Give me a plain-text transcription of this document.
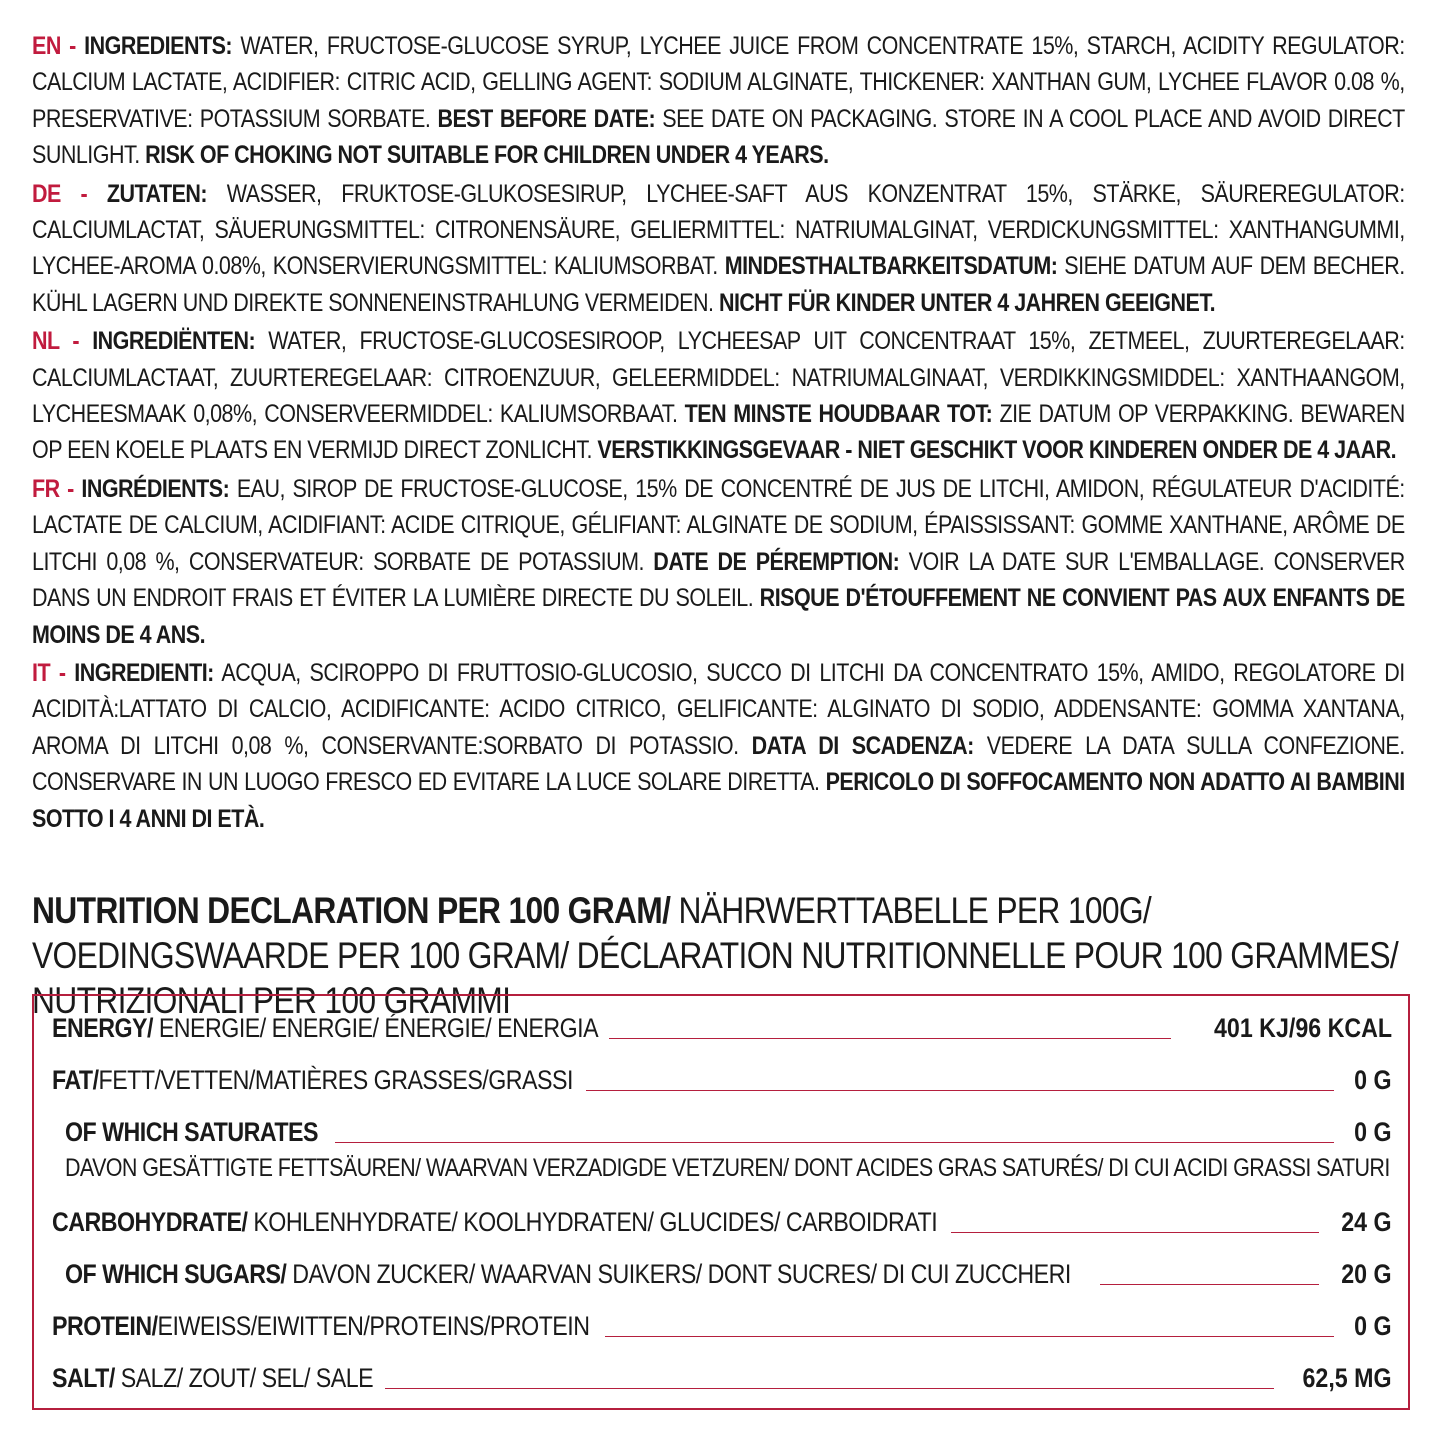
EN - INGREDIENTS: WATER, FRUCTOSE-GLUCOSE SYRUP, LYCHEE JUICE FROM CONCENTRATE 15%, STARCH, ACIDITY REGULATOR: CALCIUM LACTATE, ACIDIFIER: CITRIC ACID, GELLING AGENT: SODIUM ALGINATE, THICKENER: XANTHAN GUM, LYCHEE FLAVOR 0.08 %, PRESERVATIVE: POTASSIUM SORBATE. BEST BEFORE DATE: SEE DATE ON PACKAGING. STORE IN A COOL PLACE AND AVOID DIRECT SUNLIGHT. RISK OF CHOKING NOT SUITABLE FOR CHILDREN UNDER 4 YEARS.

DE - ZUTATEN: WASSER, FRUKTOSE-GLUKOSESIRUP, LYCHEE-SAFT AUS KONZENTRAT 15%, STÄRKE, SÄUREREGULATOR: CALCIUMLACTAT, SÄUERUNGSMITTEL: CITRONENSÄURE, GELIERMITTEL: NATRIUMALGINAT, VERDICKUNGSMITTEL: XANTHANGUMMI, LYCHEE-AROMA 0.08%, KONSERVIERUNGSMITTEL: KALIUMSORBAT. MINDESTHALTBARKEITSDATUM: SIEHE DATUM AUF DEM BECHER. KÜHL LAGERN UND DIREKTE SONNENEINSTRAHLUNG VERMEIDEN. NICHT FÜR KINDER UNTER 4 JAHREN GEEIGNET.

NL - INGREDIËNTEN: WATER, FRUCTOSE-GLUCOSESIROOP, LYCHEESAP UIT CONCENTRAAT 15%, ZETMEEL, ZUURTEREGELAAR: CALCIUMLACTAAT, ZUURTEREGELAAR: CITROENZUUR, GELEERMIDDEL: NATRIUMALGINAAT, VERDIKKINGSMIDDEL: XANTHAANGOM, LYCHEESMAAK 0,08%, CONSERVEERMIDDEL: KALIUMSORBAAT. TEN MINSTE HOUDBAAR TOT: ZIE DATUM OP VERPAKKING. BEWAREN OP EEN KOELE PLAATS EN VERMIJD DIRECT ZONLICHT. VERSTIKKINGSGEVAAR - NIET GESCHIKT VOOR KINDEREN ONDER DE 4 JAAR.

FR - INGRÉDIENTS: EAU, SIROP DE FRUCTOSE-GLUCOSE, 15% DE CONCENTRÉ DE JUS DE LITCHI, AMIDON, RÉGULATEUR D'ACIDITÉ: LACTATE DE CALCIUM, ACIDIFIANT: ACIDE CITRIQUE, GÉLIFIANT: ALGINATE DE SODIUM, ÉPAISSISSANT: GOMME XANTHANE, ARÔME DE LITCHI 0,08 %, CONSERVATEUR: SORBATE DE POTASSIUM. DATE DE PÉREMPTION: VOIR LA DATE SUR L'EMBALLAGE. CONSERVER DANS UN ENDROIT FRAIS ET ÉVITER LA LUMIÈRE DIRECTE DU SOLEIL. RISQUE D'ÉTOUFFEMENT NE CONVIENT PAS AUX ENFANTS DE MOINS DE 4 ANS.

IT - INGREDIENTI: ACQUA, SCIROPPO DI FRUTTOSIO-GLUCOSIO, SUCCO DI LITCHI DA CONCENTRATO 15%, AMIDO, REGOLATORE DI ACIDITÀ:LATTATO DI CALCIO, ACIDIFICANTE: ACIDO CITRICO, GELIFICANTE: ALGINATO DI SODIO, ADDENSANTE: GOMMA XANTANA, AROMA DI LITCHI 0,08 %, CONSERVANTE:SORBATO DI POTASSIO. DATA DI SCADENZA: VEDERE LA DATA SULLA CONFEZIONE. CONSERVARE IN UN LUOGO FRESCO ED EVITARE LA LUCE SOLARE DIRETTA. PERICOLO DI SOFFOCAMENTO NON ADATTO AI BAMBINI SOTTO I 4 ANNI DI ETÀ.

NUTRITION DECLARATION PER 100 GRAM/ NÄHRWERTTABELLE PER 100G/ VOEDINGSWAARDE PER 100 GRAM/ DÉCLARATION NUTRITIONNELLE POUR 100 GRAMMES/ NUTRIZIONALI PER 100 GRAMMI
ENERGY/ ENERGIE/ ENERGIE/ ÉNERGIE/ ENERGIA	401 KJ/96 KCAL
FAT/FETT/VETTEN/MATIÈRES GRASSES/GRASSI	0 G
OF WHICH SATURATES	0 G
DAVON GESÄTTIGTE FETTSÄUREN/ WAARVAN VERZADIGDE VETZUREN/ DONT ACIDES GRAS SATURÉS/ DI CUI ACIDI GRASSI SATURI
CARBOHYDRATE/ KOHLENHYDRATE/ KOOLHYDRATEN/ GLUCIDES/ CARBOIDRATI	24 G
OF WHICH SUGARS/ DAVON ZUCKER/ WAARVAN SUIKERS/ DONT SUCRES/ DI CUI ZUCCHERI	20 G
PROTEIN/EIWEISS/EIWITTEN/PROTEINS/PROTEIN	0 G
SALT/ SALZ/ ZOUT/ SEL/ SALE	62,5 MG
